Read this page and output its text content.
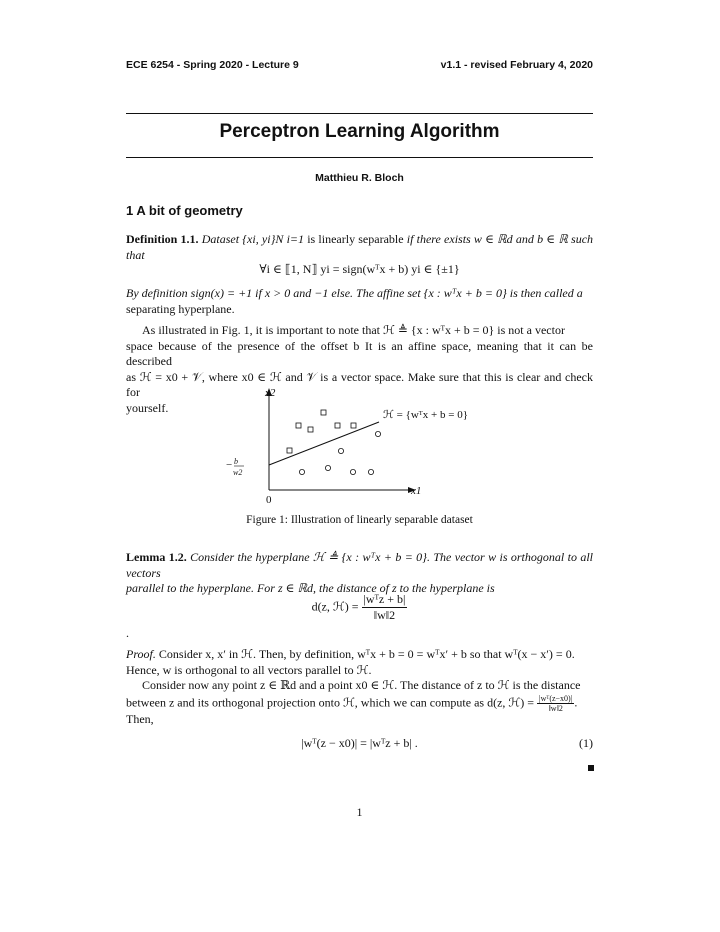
ECE 6254 - Spring 2020 - Lecture 9	v1.1 - revised February 4, 2020
Perceptron Learning Algorithm
Matthieu R. Bloch
1 A bit of geometry
Definition 1.1. Dataset {xi, yi}N i=1 is linearly separable if there exists w ∈ ℝd and b ∈ ℝ such that
∀i ∈ ⟦1, N⟧ yi = sign(wᵀx + b) yi ∈ {±1}
By definition sign(x) = +1 if x > 0 and −1 else. The affine set {x : wᵀx + b = 0} is then called a
separating hyperplane.
As illustrated in Fig. 1, it is important to note that ℋ ≜ {x : wᵀx + b = 0} is not a vector
space because of the presence of the offset b It is an affine space, meaning that it can be described
as ℋ = x0 + 𝒱, where x0 ∈ ℋ and 𝒱 is a vector space. Make sure that this is clear and check for
yourself.
x2
x1
0
− b
w2
ℋ = {wᵀx + b = 0}
Figure 1: Illustration of linearly separable dataset
Lemma 1.2. Consider the hyperplane ℋ ≜ {x : wᵀx + b = 0}. The vector w is orthogonal to all vectors
parallel to the hyperplane. For z ∈ ℝd, the distance of z to the hyperplane is
d(z, ℋ) = $\frac{\text{|wᵀz + b|}}{‖w‖2}$
.
Proof. Consider x, x′ in ℋ. Then, by definition, wᵀx + b = 0 = wᵀx′ + b so that wᵀ(x − x′) = 0.
Hence, w is orthogonal to all vectors parallel to ℋ.
Consider now any point z ∈ ℝd and a point x0 ∈ ℋ. The distance of z to ℋ is the distance
between z and its orthogonal projection onto ℋ, which we can compute as d(z, ℋ) = $\frac{\text{|wᵀ(z−x0)|}}{‖w‖2}$ .
Then,
|wᵀ(z − x0)| = |wᵀz + b| .	(1)
1
